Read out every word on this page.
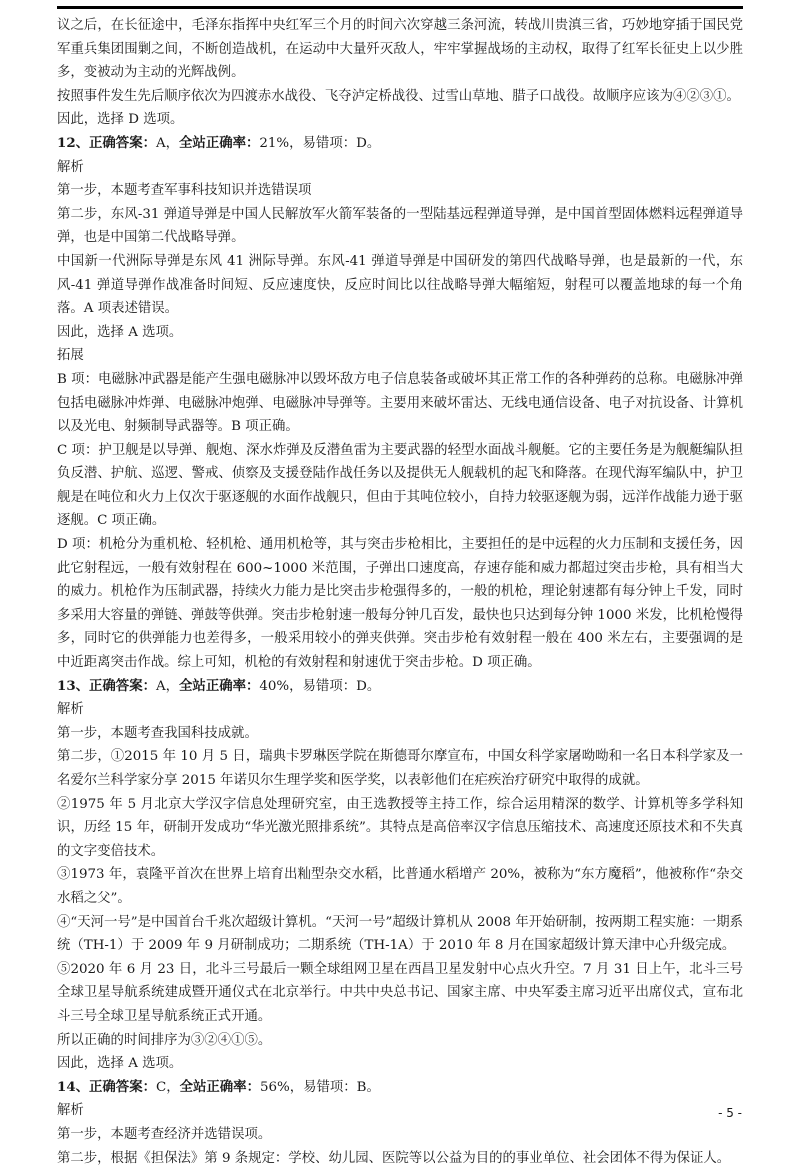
议之后，在长征途中，毛泽东指挥中央红军三个月的时间六次穿越三条河流，转战川贵滇三省，巧妙地穿插于国民党军重兵集团围剿之间，不断创造战机，在运动中大量歼灭敌人，牢牢掌握战场的主动权，取得了红军长征史上以少胜多，变被动为主动的光辉战例。

按照事件发生先后顺序依次为四渡赤水战役、飞夺泸定桥战役、过雪山草地、腊子口战役。故顺序应该为④②③①。

因此，选择 D 选项。

12、正确答案：A，全站正确率：21%，易错项：D。

解析

第一步，本题考查军事科技知识并选错误项

第二步，东风-31 弹道导弹是中国人民解放军火箭军装备的一型陆基远程弹道导弹，是中国首型固体燃料远程弹道导弹，也是中国第二代战略导弹。

中国新一代洲际导弹是东风 41 洲际导弹。东风-41 弹道导弹是中国研发的第四代战略导弹，也是最新的一代，东风-41 弹道导弹作战准备时间短、反应速度快，反应时间比以往战略导弹大幅缩短，射程可以覆盖地球的每一个角落。A 项表述错误。

因此，选择 A 选项。

拓展

B 项：电磁脉冲武器是能产生强电磁脉冲以毁坏敌方电子信息装备或破坏其正常工作的各种弹药的总称。电磁脉冲弹包括电磁脉冲炸弹、电磁脉冲炮弹、电磁脉冲导弹等。主要用来破坏雷达、无线电通信设备、电子对抗设备、计算机以及光电、射频制导武器等。B 项正确。

C 项：护卫舰是以导弹、舰炮、深水炸弹及反潜鱼雷为主要武器的轻型水面战斗舰艇。它的主要任务是为舰艇编队担负反潜、护航、巡逻、警戒、侦察及支援登陆作战任务以及提供无人舰载机的起飞和降落。在现代海军编队中，护卫舰是在吨位和火力上仅次于驱逐舰的水面作战舰只，但由于其吨位较小，自持力较驱逐舰为弱，远洋作战能力逊于驱逐舰。C 项正确。

D 项：机枪分为重机枪、轻机枪、通用机枪等，其与突击步枪相比，主要担任的是中远程的火力压制和支援任务，因此它射程远，一般有效射程在 600~1000 米范围，子弹出口速度高，存速存能和威力都超过突击步枪，具有相当大的威力。机枪作为压制武器，持续火力能力是比突击步枪强得多的，一般的机枪，理论射速都有每分钟上千发，同时多采用大容量的弹链、弹鼓等供弹。突击步枪射速一般每分钟几百发，最快也只达到每分钟 1000 米发，比机枪慢得多，同时它的供弹能力也差得多，一般采用较小的弹夹供弹。突击步枪有效射程一般在 400 米左右，主要强调的是中近距离突击作战。综上可知，机枪的有效射程和射速优于突击步枪。D 项正确。

13、正确答案：A，全站正确率：40%，易错项：D。

解析

第一步，本题考查我国科技成就。

第二步，①2015 年 10 月 5 日，瑞典卡罗琳医学院在斯德哥尔摩宣布，中国女科学家屠呦呦和一名日本科学家及一名爱尔兰科学家分享 2015 年诺贝尔生理学奖和医学奖，以表彰他们在疟疾治疗研究中取得的成就。

②1975 年 5 月北京大学汉字信息处理研究室，由王选教授等主持工作，综合运用精深的数学、计算机等多学科知识，历经 15 年，研制开发成功“华光激光照排系统”。其特点是高倍率汉字信息压缩技术、高速度还原技术和不失真的文字变倍技术。

③1973 年，袁隆平首次在世界上培育出籼型杂交水稻，比普通水稻增产 20%，被称为“东方魔稻”，他被称作“杂交水稻之父”。

④“天河一号”是中国首台千兆次超级计算机。“天河一号”超级计算机从 2008 年开始研制，按两期工程实施：一期系统（TH-1）于 2009 年 9 月研制成功；二期系统（TH-1A）于 2010 年 8 月在国家超级计算天津中心升级完成。

⑤2020 年 6 月 23 日，北斗三号最后一颗全球组网卫星在西昌卫星发射中心点火升空。7 月 31 日上午，北斗三号全球卫星导航系统建成暨开通仪式在北京举行。中共中央总书记、国家主席、中央军委主席习近平出席仪式，宣布北斗三号全球卫星导航系统正式开通。

所以正确的时间排序为③②④①⑤。

因此，选择 A 选项。

14、正确答案：C，全站正确率：56%，易错项：B。

解析

第一步，本题考查经济并选错误项。

第二步，根据《担保法》第 9 条规定：学校、幼儿园、医院等以公益为目的的事业单位、社会团体不得为保证人。

- 5 -
